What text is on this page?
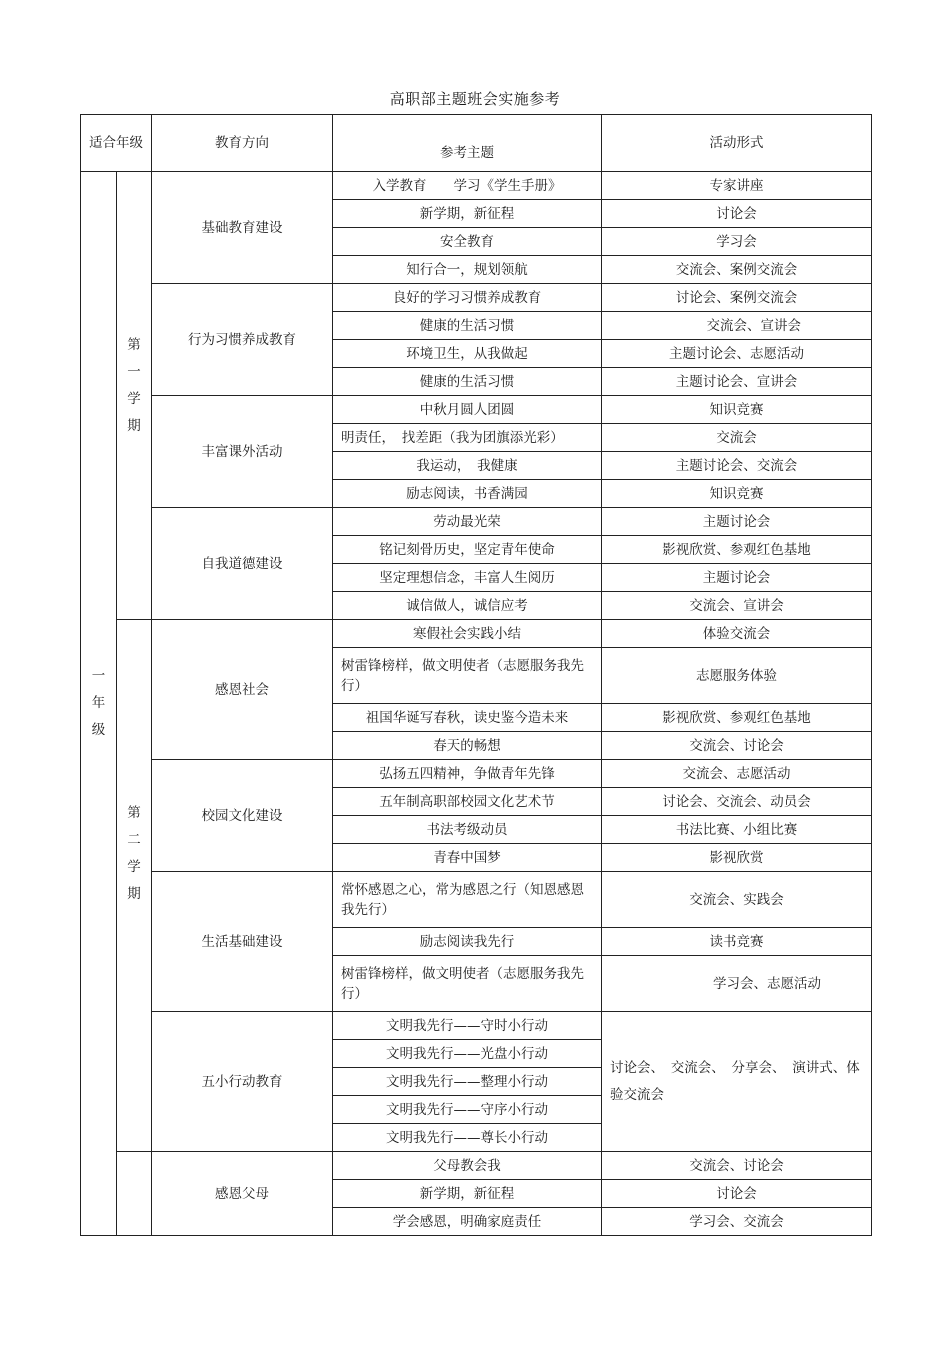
高职部主题班会实施参考
适合年级		教育方向	参考主题	活动形式

一
年
级	第
一
学
期	基础教育建设	入学教育　　学习《学生手册》	专家讲座
			新学期，新征程	讨论会
			安全教育	学习会
			知行合一，规划领航	交流会、案例交流会
		行为习惯养成教育	良好的学习习惯养成教育	讨论会、案例交流会
			健康的生活习惯	交流会、宣讲会
			环境卫生，从我做起	主题讨论会、志愿活动
			健康的生活习惯	主题讨论会、宣讲会
		丰富课外活动	中秋月圆人团圆	知识竞赛
			明责任，　找差距（我为团旗添光彩）	交流会
			我运动，　我健康	主题讨论会、交流会
			励志阅读，书香满园	知识竞赛
		自我道德建设	劳动最光荣	主题讨论会
			铭记刻骨历史，坚定青年使命	影视欣赏、参观红色基地
			坚定理想信念，丰富人生阅历	主题讨论会
			诚信做人，诚信应考	交流会、宣讲会

	第
二
学
期	感恩社会	寒假社会实践小结	体验交流会
			树雷锋榜样，做文明使者（志愿服务我先行）	志愿服务体验
			祖国华诞写春秋，读史鉴今造未来	影视欣赏、参观红色基地
			春天的畅想	交流会、讨论会
		校园文化建设	弘扬五四精神，争做青年先锋	交流会、志愿活动
			五年制高职部校园文化艺术节	讨论会、交流会、动员会
			书法考级动员	书法比赛、小组比赛
			青春中国梦	影视欣赏
		生活基础建设	常怀感恩之心，常为感恩之行（知恩感恩我先行）	交流会、实践会
			励志阅读我先行	读书竞赛
			树雷锋榜样，做文明使者（志愿服务我先行）	学习会、志愿活动
		五小行动教育	文明我先行——守时小行动	讨论会、　交流会、　分享会、　演讲式、体验交流会
			文明我先行——光盘小行动	
			文明我先行——整理小行动	
			文明我先行——守序小行动	
			文明我先行——尊长小行动	

		感恩父母	父母教会我	交流会、讨论会
			新学期，新征程	讨论会
			学会感恩，明确家庭责任	学习会、交流会
